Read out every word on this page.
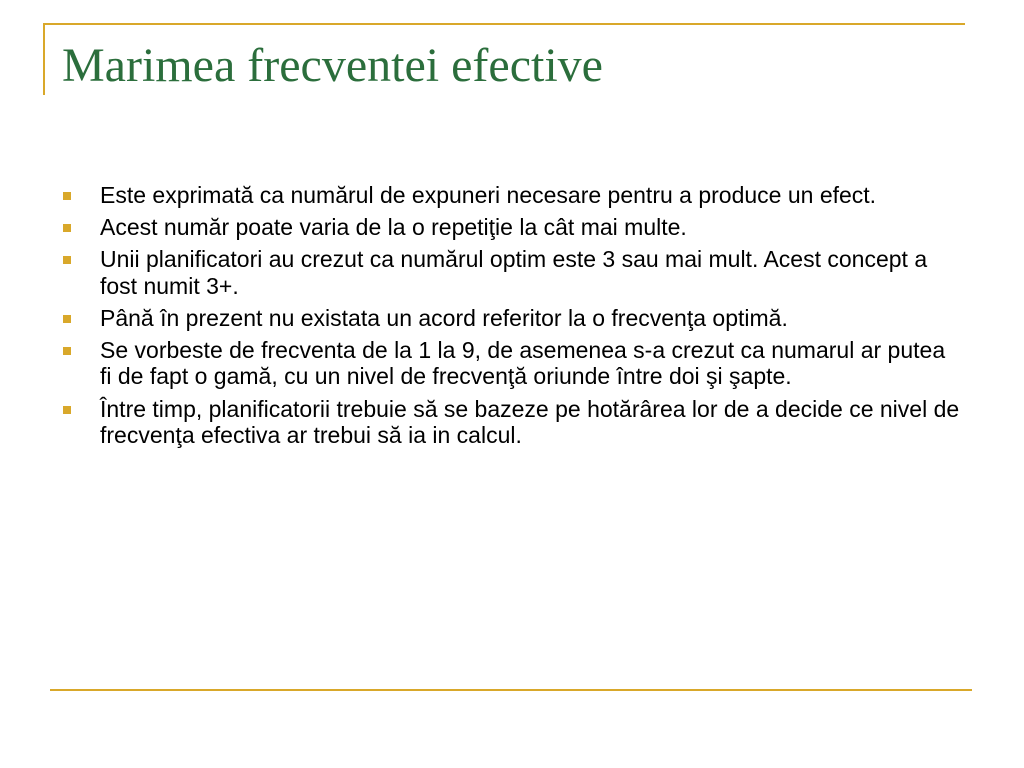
Marimea frecventei efective
Este exprimată ca numărul de expuneri necesare pentru a produce un efect.
Acest număr poate varia de la o repetiţie la cât mai multe.
Unii planificatori au crezut ca numărul optim este 3 sau mai mult. Acest concept a fost numit 3+.
Până în prezent nu existata un acord referitor la o frecvenţa optimă.
Se vorbeste de frecventa de la 1 la 9, de asemenea s-a crezut ca numarul ar putea fi de fapt o gamă, cu un nivel de frecvenţă oriunde între doi şi şapte.
Între timp, planificatorii trebuie să se bazeze pe hotărârea lor de a decide ce nivel de frecvenţa efectiva ar trebui să ia in calcul.
